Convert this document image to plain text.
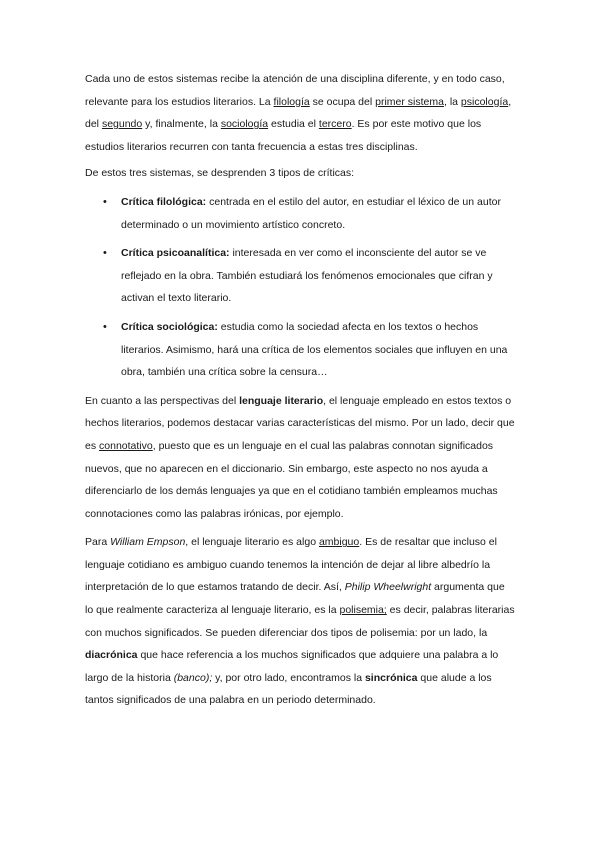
Cada uno de estos sistemas recibe la atención de una disciplina diferente, y en todo caso, relevante para los estudios literarios. La filología se ocupa del primer sistema, la psicología, del segundo y, finalmente, la sociología estudia el tercero. Es por este motivo que los estudios literarios recurren con tanta frecuencia a estas tres disciplinas.

De estos tres sistemas, se desprenden 3 tipos de críticas:

• Crítica filológica: centrada en el estilo del autor, en estudiar el léxico de un autor determinado o un movimiento artístico concreto.
• Crítica psicoanalítica: interesada en ver como el inconsciente del autor se ve reflejado en la obra. También estudiará los fenómenos emocionales que cifran y activan el texto literario.
• Crítica sociológica: estudia como la sociedad afecta en los textos o hechos literarios. Asimismo, hará una crítica de los elementos sociales que influyen en una obra, también una crítica sobre la censura…

En cuanto a las perspectivas del lenguaje literario, el lenguaje empleado en estos textos o hechos literarios, podemos destacar varias características del mismo. Por un lado, decir que es connotativo, puesto que es un lenguaje en el cual las palabras connotan significados nuevos, que no aparecen en el diccionario. Sin embargo, este aspecto no nos ayuda a diferenciarlo de los demás lenguajes ya que en el cotidiano también empleamos muchas connotaciones como las palabras irónicas, por ejemplo.

Para William Empson, el lenguaje literario es algo ambiguo. Es de resaltar que incluso el lenguaje cotidiano es ambiguo cuando tenemos la intención de dejar al libre albedrío la interpretación de lo que estamos tratando de decir. Así, Philip Wheelwright argumenta que lo que realmente caracteriza al lenguaje literario, es la polisemia; es decir, palabras literarias con muchos significados. Se pueden diferenciar dos tipos de polisemia: por un lado, la diacrónica que hace referencia a los muchos significados que adquiere una palabra a lo largo de la historia (banco); y, por otro lado, encontramos la sincrónica que alude a los tantos significados de una palabra en un periodo determinado.
